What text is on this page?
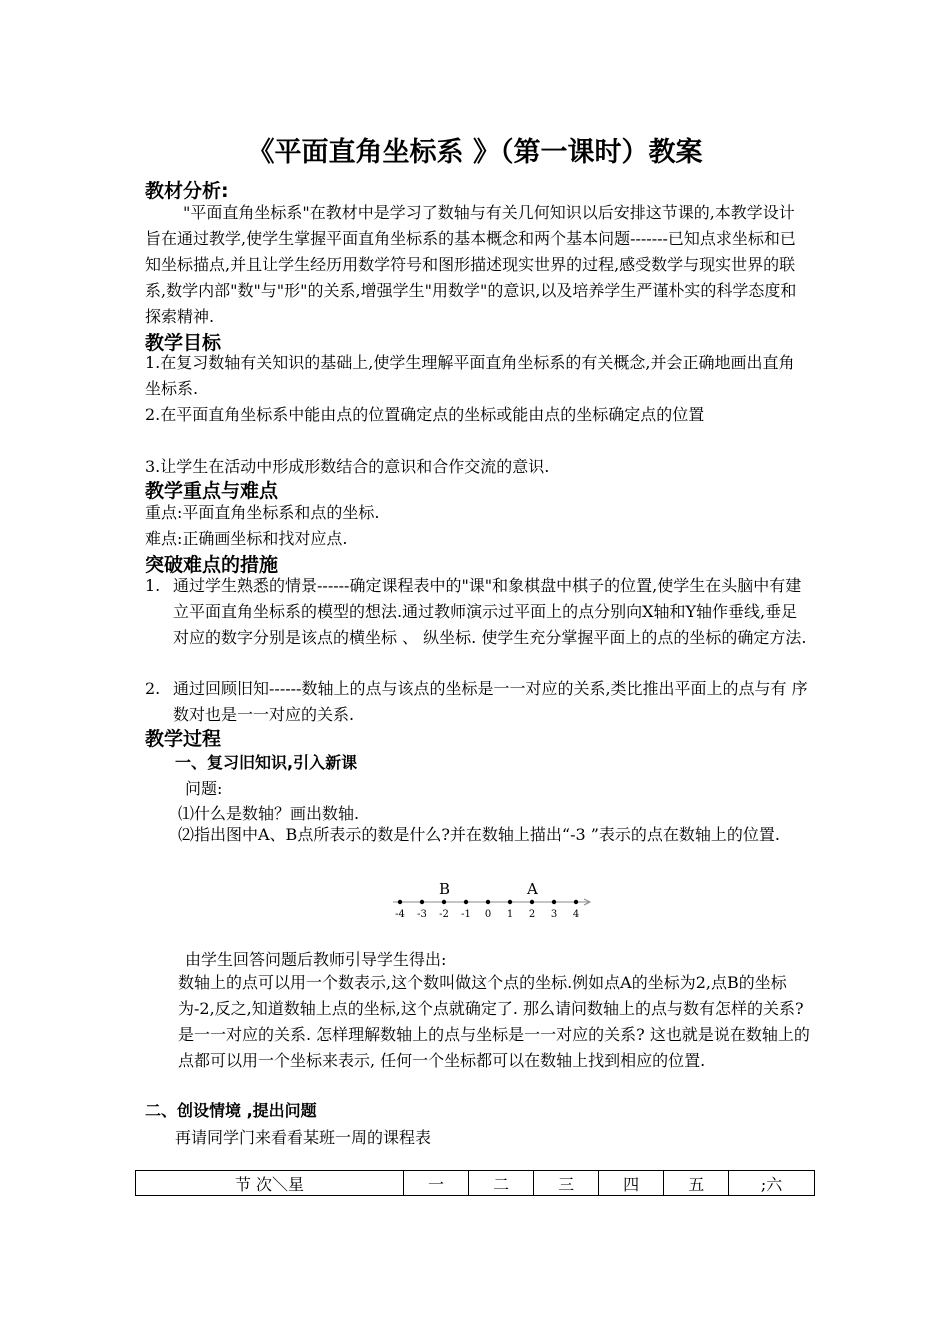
《平面直角坐标系 》（第一课时）教案
教材分析:

"平面直角坐标系"在教材中是学习了数轴与有关几何知识以后安排这节课的,本教学设计旨在通过教学,使学生掌握平面直角坐标系的基本概念和两个基本问题-------已知点求坐标和已知坐标描点,并且让学生经历用数学符号和图形描述现实世界的过程,感受数学与现实世界的联系,数学内部"数"与"形"的关系,增强学生"用数学"的意识,以及培养学生严谨朴实的科学态度和探索精神.

教学目标

1.在复习数轴有关知识的基础上,使学生理解平面直角坐标系的有关概念,并会正确地画出直角坐标系.

2.在平面直角坐标系中能由点的位置确定点的坐标或能由点的坐标确定点的位置

3.让学生在活动中形成形数结合的意识和合作交流的意识.

教学重点与难点
重点:平面直角坐标系和点的坐标.
难点:正确画坐标和找对应点.
突破难点的措施
1. 通过学生熟悉的情景------确定课程表中的"课"和象棋盘中棋子的位置,使学生在头脑中有建立平面直角坐标系的模型的想法.通过教师演示过平面上的点分别向X轴和Y轴作垂线,垂足对应的数字分别是该点的横坐标 、 纵坐标. 使学生充分掌握平面上的点的坐标的确定方法.

2. 通过回顾旧知------数轴上的点与该点的坐标是一一对应的关系,类比推出平面上的点与有 序数对也是一一对应的关系.

教学过程
一、复习旧知识,引入新课
问题:
⑴什么是数轴？画出数轴.

⑵指出图中A、B点所表示的数是什么?并在数轴上描出“-3 ”表示的点在数轴上的位置.

-4 -3 -2 -1 0 1 2 3 4
B	A
由学生回答问题后教师引导学生得出:

数轴上的点可以用一个数表示,这个数叫做这个点的坐标.例如点A的坐标为2,点B的坐标为-2,反之,知道数轴上点的坐标,这个点就确定了. 那么请问数轴上的点与数有怎样的关系?是一一对应的关系. 怎样理解数轴上的点与坐标是一一对应的关系? 这也就是说在数轴上的点都可以用一个坐标来表示, 任何一个坐标都可以在数轴上找到相应的位置.

二、创设情境 ,提出问题
再请同学门来看看某班一周的课程表
节 次＼星	一	二	三	四	五	;六
